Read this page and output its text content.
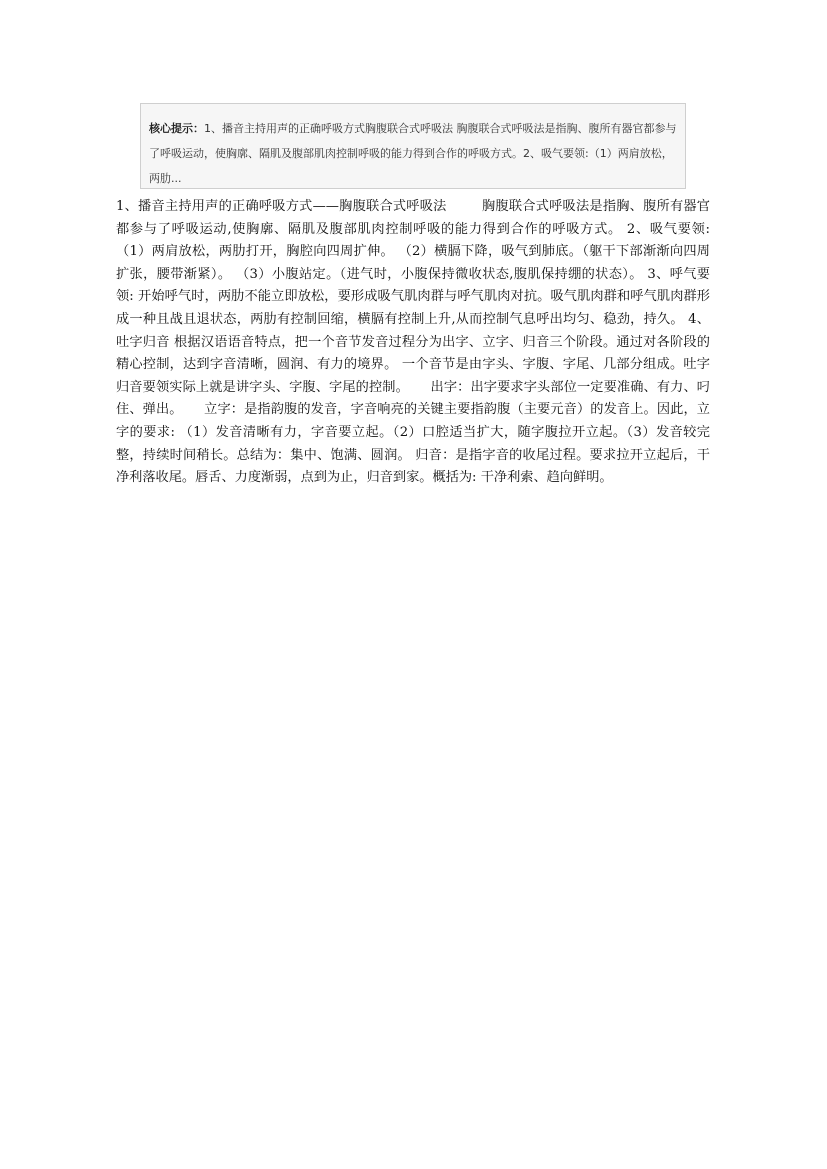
核心提示：1、播音主持用声的正确呼吸方式胸腹联合式呼吸法 胸腹联合式呼吸法是指胸、腹所有器官都参与了呼吸运动，使胸廓、隔肌及腹部肌肉控制呼吸的能力得到合作的呼吸方式。2、吸气要领:（1）两肩放松，两肋...

1、播音主持用声的正确呼吸方式——胸腹联合式呼吸法        胸腹联合式呼吸法是指胸、腹所有器官都参与了呼吸运动,使胸廓、隔肌及腹部肌肉控制呼吸的能力得到合作的呼吸方式。 2、吸气要领: （1）两肩放松，两肋打开，胸腔向四周扩伸。 （2）横膈下降，吸气到肺底。（躯干下部渐渐向四周扩张，腰带渐紧）。 （3）小腹站定。（进气时，小腹保持微收状态,腹肌保持绷的状态）。 3、呼气要领: 开始呼气时，两肋不能立即放松，要形成吸气肌肉群与呼气肌肉对抗。吸气肌肉群和呼气肌肉群形成一种且战且退状态，两肋有控制回缩，横膈有控制上升,从而控制气息呼出均匀、稳劲，持久。 4、吐字归音 根据汉语语音特点，把一个音节发音过程分为出字、立字、归音三个阶段。通过对各阶段的精心控制，达到字音清晰，圆润、有力的境界。 一个音节是由字头、字腹、字尾、几部分组成。吐字归音要领实际上就是讲字头、字腹、字尾的控制。     出字：出字要求字头部位一定要准确、有力、叼住、弹出。     立字：是指韵腹的发音，字音响亮的关键主要指韵腹（主要元音）的发音上。因此，立字的要求: （1）发音清晰有力，字音要立起。（2）口腔适当扩大，随字腹拉开立起。（3）发音较完整，持续时间稍长。总结为：集中、饱满、圆润。 归音：是指字音的收尾过程。要求拉开立起后，干净利落收尾。唇舌、力度渐弱，点到为止，归音到家。概括为: 干净利索、趋向鲜明。
